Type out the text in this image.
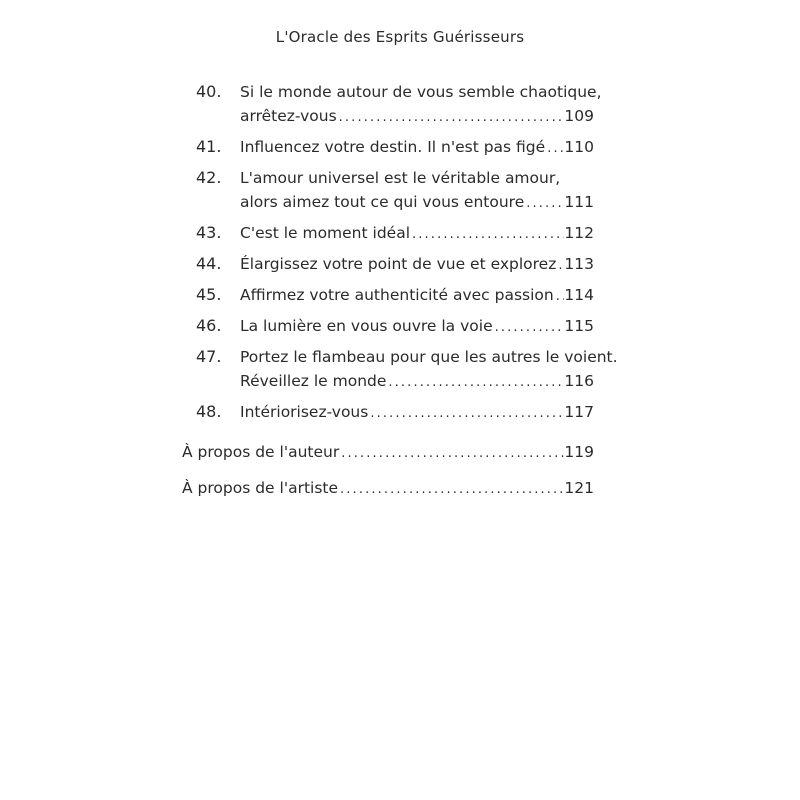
L'Oracle des Esprits Guérisseurs
40.	Si le monde autour de vous semble chaotique,
arrêtez-vous . . .	109
41.	Influencez votre destin. Il n'est pas figé . . . 110
42.	L'amour universel est le véritable amour,
alors aimez tout ce qui vous entoure . . .	111
43.	C'est le moment idéal . . .	112
44.	Élargissez votre point de vue et explorez . . . 113
45.	Affirmez votre authenticité avec passion . . . 114
46.	La lumière en vous ouvre la voie . . .	115
47.	Portez le flambeau pour que les autres le voient.
Réveillez le monde . . .	116
48.	Intériorisez-vous . . .	117
À propos de l'auteur . . .	119
À propos de l'artiste . . .	121
